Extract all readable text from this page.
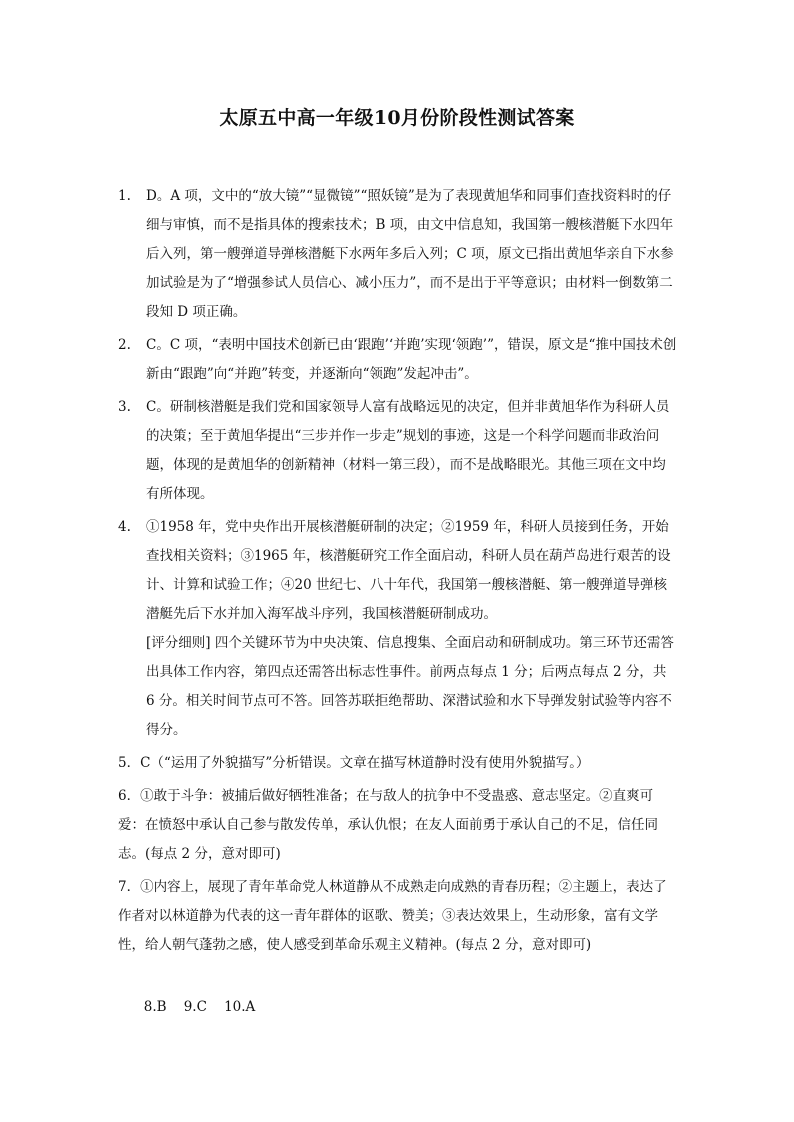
太原五中高一年级10月份阶段性测试答案
1.	D。A 项，文中的“放大镜”“显微镜”“照妖镜”是为了表现黄旭华和同事们查找资料时的仔细与审慎，而不是指具体的搜索技术；B 项，由文中信息知，我国第一艘核潜艇下水四年后入列，第一艘弹道导弹核潜艇下水两年多后入列；C 项，原文已指出黄旭华亲自下水参加试验是为了“增强参试人员信心、减小压力”，而不是出于平等意识；由材料一倒数第二段知 D 项正确。
2.	C。C 项，“表明中国技术创新已由‘跟跑’‘并跑’实现‘领跑’”，错误，原文是“推中国技术创新由“跟跑”向“并跑”转变，并逐渐向“领跑”发起冲击”。
3.	C。研制核潜艇是我们党和国家领导人富有战略远见的决定，但并非黄旭华作为科研人员的决策；至于黄旭华提出“三步并作一步走”规划的事迹，这是一个科学问题而非政治问题，体现的是黄旭华的创新精神（材料一第三段），而不是战略眼光。其他三项在文中均有所体现。
4.	①1958 年，党中央作出开展核潜艇研制的决定；②1959 年，科研人员接到任务，开始查找相关资料；③1965 年，核潜艇研究工作全面启动，科研人员在葫芦岛进行艰苦的设计、计算和试验工作；④20 世纪七、八十年代，我国第一艘核潜艇、第一艘弹道导弹核潜艇先后下水并加入海军战斗序列，我国核潜艇研制成功。
[评分细则] 四个关键环节为中央决策、信息搜集、全面启动和研制成功。第三环节还需答出具体工作内容，第四点还需答出标志性事件。前两点每点 1 分；后两点每点 2 分，共 6 分。相关时间节点可不答。回答苏联拒绝帮助、深潜试验和水下导弹发射试验等内容不得分。
5．C（“运用了外貌描写”分析错误。文章在描写林道静时没有使用外貌描写。）
6．①敢于斗争：被捕后做好牺牲准备；在与敌人的抗争中不受蛊惑、意志坚定。②直爽可爱：在愤怒中承认自己参与散发传单，承认仇恨；在友人面前勇于承认自己的不足，信任同志。(每点 2 分，意对即可)
7．①内容上，展现了青年革命党人林道静从不成熟走向成熟的青春历程；②主题上，表达了作者对以林道静为代表的这一青年群体的讴歌、赞美；③表达效果上，生动形象，富有文学性，给人朝气蓬勃之感，使人感受到革命乐观主义精神。(每点 2 分，意对即可)

8.B    9.C    10.A
